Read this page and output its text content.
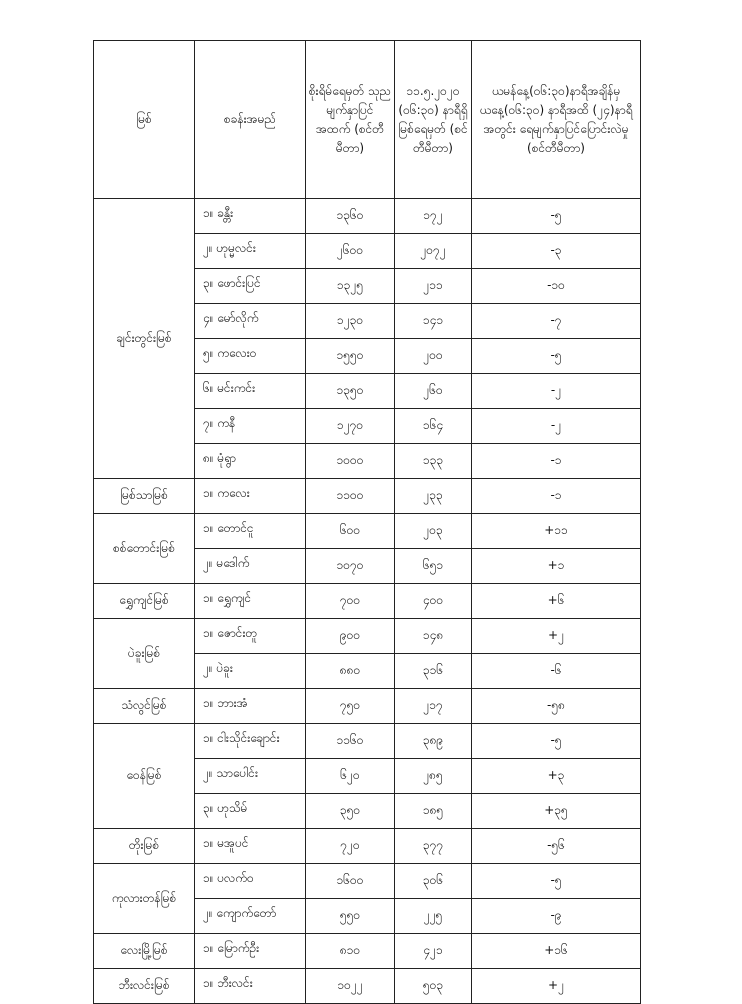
မြစ်	စခန်းအမည်	စိုးရိမ်ရေမှတ် သုည မျက်နှာပြင် အထက် (စင်တီမီတာ)	၁၁.၅.၂၀၂၀ (၀၆:၃၀) နာရီရှိ မြစ်ရေမှတ် (စင်တီမီတာ)	ယမန်နေ့(၀၆:၃၀)နာရီအချိန်မှ ယနေ့(၀၆:၃၀) နာရီအထိ (၂၄)နာရီအတွင်း ရေမျက်နှာပြင်ပြောင်းလဲမှု (စင်တီမီတာ)
ချင်းတွင်းမြစ်	၁။ ခန္တီး	၁၃၆၀	၁၇၂	-၅
	၂။ ဟုမ္မလင်း	၂၆၀၀	၂၀၇၂	-၃
	၃။ ဖောင်းပြင်	၁၃၂၅	၂၁၁	-၁၀
	၄။ မော်လိုက်	၁၂၃၀	၁၄၁	-၇
	၅။ ကလေးဝ	၁၅၅၀	၂၀၀	-၅
	၆။ မင်းကင်း	၁၃၅၀	၂၆၀	-၂
	၇။ ကနီ	၁၂၇၀	၁၆၄	-၂
	၈။ မုံရွာ	၁၀၀၀	၁၃၃	-၁
မြစ်သာမြစ်	၁။ ကလေး	၁၁၀၀	၂၃၃	-၁
စစ်တောင်းမြစ်	၁။ တောင်ငူ	၆၀၀	၂၀၃	+၁၁
	၂။ မဒေါက်	၁၀၇၀	၆၅၁	+၁
ရွှေကျင်မြစ်	၁။ ရွှေကျင်	၇၀၀	၄၀၀	+၆
ပဲခူးမြစ်	၁။ ဇောင်းတူ	၉၀၀	၁၄၈	+၂
	၂။ ပဲခူး	၈၈၀	၃၁၆	-၆
သံလွင်မြစ်	၁။ ဘားအံ	၇၅၀	၂၁၇	-၅၈
ဝေန်မြစ်	၁။ ငါးသိုင်းချောင်း	၁၁၆၀	၃၈၉	-၅
	၂။ သာပေါင်း	၆၂၀	၂၈၅	+၃
	၃။ ဟုသိမ်	၃၅၀	၁၈၅	+၃၅
တိုးမြစ်	၁။ မအူပင်	၇၂၀	၃၇၇	-၅၆
ကုလားတန်မြစ်	၁။ ပလက်ဝ	၁၆၀၀	၃၀၆	-၅
	၂။ ကျောက်တော်	၅၅၀	၂၂၅	-၉
လေးမြို့မြစ်	၁။ မြောက်ဦး	၈၁၀	၄၂၁	+၁၆
ဘီးလင်းမြစ်	၁။ ဘီးလင်း	၁၀၂၂	၅၀၃	+၂
